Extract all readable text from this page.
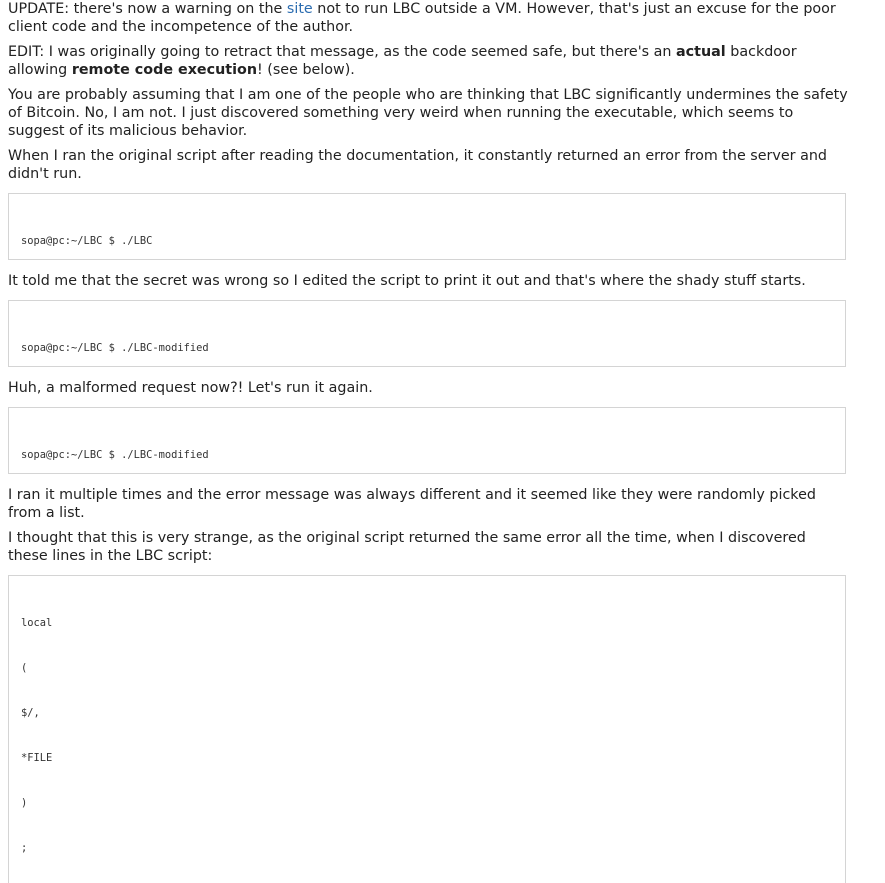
UPDATE: there's now a warning on the site not to run LBC outside a VM. However, that's just an excuse for the poor client code and the incompetence of the author.

EDIT: I was originally going to retract that message, as the code seemed safe, but there's an actual backdoor allowing remote code execution! (see below).

You are probably assuming that I am one of the people who are thinking that LBC significantly undermines the safety of Bitcoin. No, I am not. I just discovered something very weird when running the executable, which seems to suggest of its malicious behavior.

When I ran the original script after reading the documentation, it constantly returned an error from the server and didn't run.

sopa@pc:~/LBC $ ./LBC

It told me that the secret was wrong so I edited the script to print it out and that's where the shady stuff starts.

sopa@pc:~/LBC $ ./LBC-modified

Huh, a malformed request now?! Let's run it again.

sopa@pc:~/LBC $ ./LBC-modified

I ran it multiple times and the error message was always different and it seemed like they were randomly picked from a list.

I thought that this is very strange, as the original script returned the same error all the time, when I discovered these lines in the LBC script:

local

(

$/,

*FILE

)

;
